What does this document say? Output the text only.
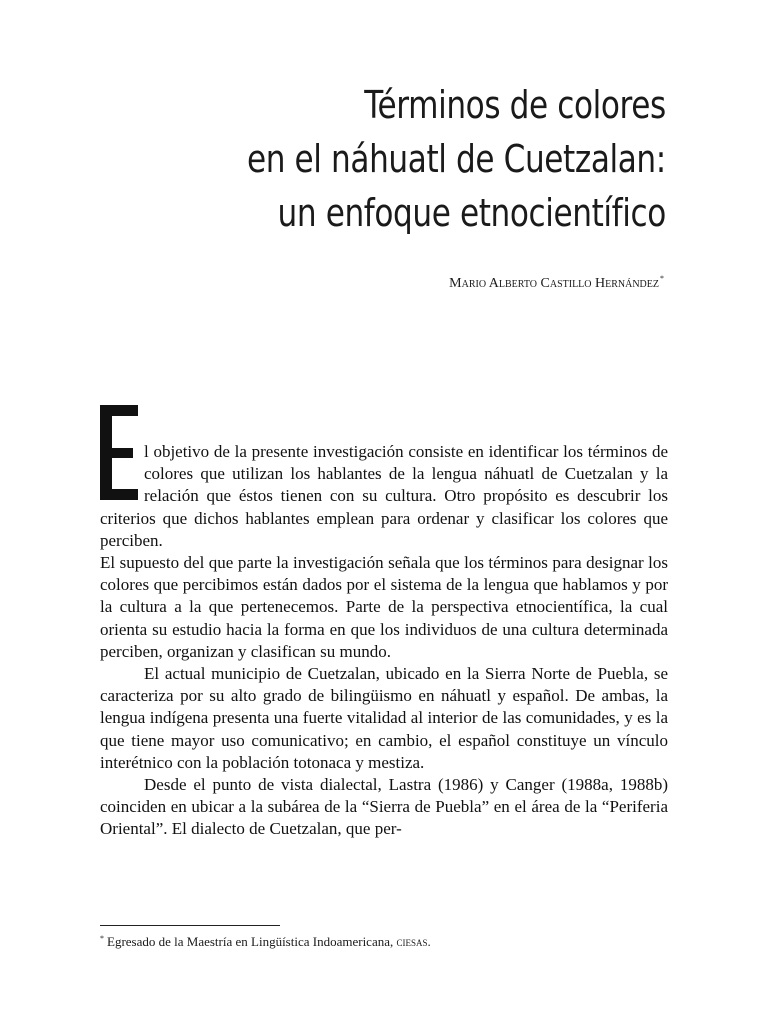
Términos de colores
en el náhuatl de Cuetzalan:
un enfoque etnocientífico
Mario Alberto Castillo Hernández*

l objetivo de la presente investigación consiste en identificar los términos de colores que utilizan los hablantes de la lengua náhuatl de Cuetzalan y la relación que éstos tienen con su cultura. Otro propósito es descubrir los criterios que dichos hablantes emplean para ordenar y clasificar los colores que perciben.

El supuesto del que parte la investigación señala que los términos para designar los colores que percibimos están dados por el sistema de la lengua que hablamos y por la cultura a la que pertenecemos. Parte de la perspectiva etnocientífica, la cual orienta su estudio hacia la forma en que los individuos de una cultura determinada perciben, organizan y clasifican su mundo.

El actual municipio de Cuetzalan, ubicado en la Sierra Norte de Puebla, se caracteriza por su alto grado de bilingüismo en náhuatl y español. De ambas, la lengua indígena presenta una fuerte vitalidad al interior de las comunidades, y es la que tiene mayor uso comunicativo; en cambio, el español constituye un vínculo interétnico con la población totonaca y mestiza.

Desde el punto de vista dialectal, Lastra (1986) y Canger (1988a, 1988b) coinciden en ubicar a la subárea de la “Sierra de Puebla” en el área de la “Periferia Oriental”. El dialecto de Cuetzalan, que per-

* Egresado de la Maestría en Lingüística Indoamericana, ciesas.
